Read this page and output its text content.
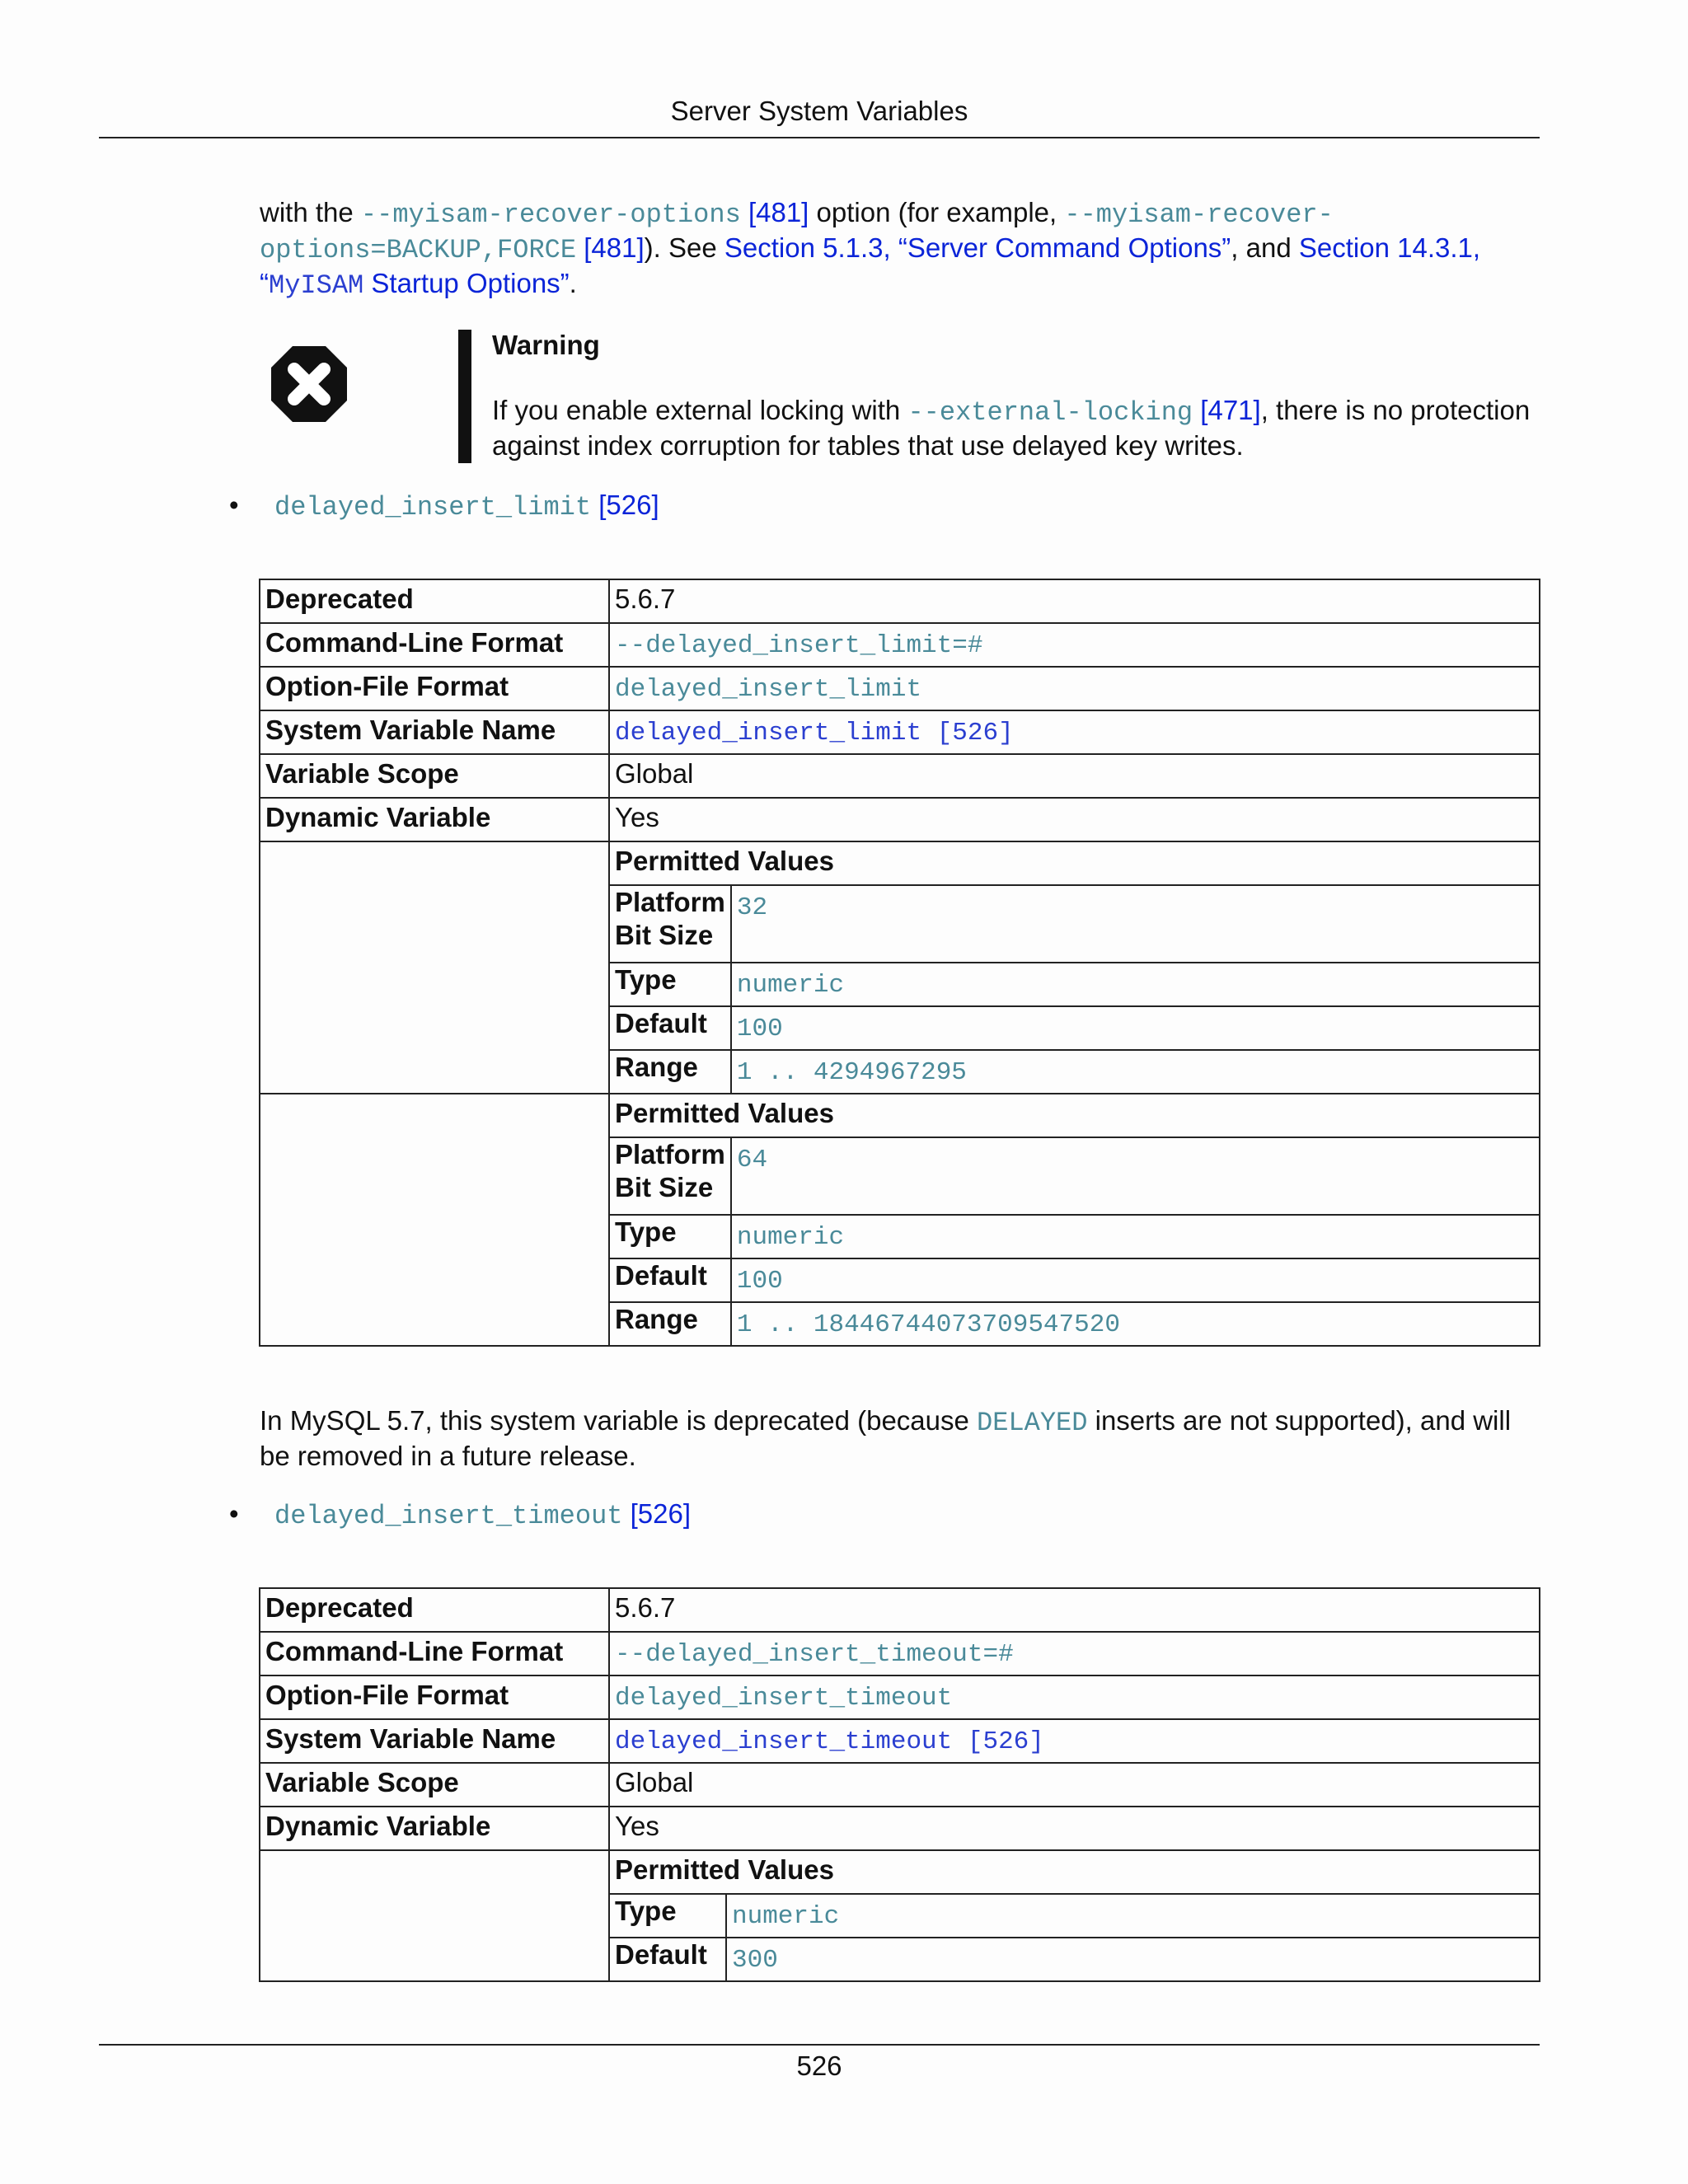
Server System Variables
with the --myisam-recover-options [481] option (for example, --myisam-recover-
options=BACKUP,FORCE [481]). See Section 5.1.3, “Server Command Options”, and Section 14.3.1,
“MyISAM Startup Options”.
Warning
If you enable external locking with --external-locking [471], there is no protection against index corruption for tables that use delayed key writes.
• delayed_insert_limit [526]
Deprecated	5.6.7	
Command-Line Format	--delayed_insert_limit=#	
Option-File Format	delayed_insert_limit	
System Variable Name	delayed_insert_limit [526]	
Variable Scope	Global	
Dynamic Variable	Yes	
	Permitted Values	
	Platform
Bit Size	32
	Type	numeric
	Default	100
	Range	1 .. 4294967295
	Permitted Values	
	Platform
Bit Size	64
	Type	numeric
	Default	100
	Range	1 .. 18446744073709547520
In MySQL 5.7, this system variable is deprecated (because DELAYED inserts are not supported), and will be removed in a future release.
• delayed_insert_timeout [526]
Deprecated	5.6.7	
Command-Line Format	--delayed_insert_timeout=#	
Option-File Format	delayed_insert_timeout	
System Variable Name	delayed_insert_timeout [526]	
Variable Scope	Global	
Dynamic Variable	Yes	
	Permitted Values	
	Type	numeric
	Default	300
526
